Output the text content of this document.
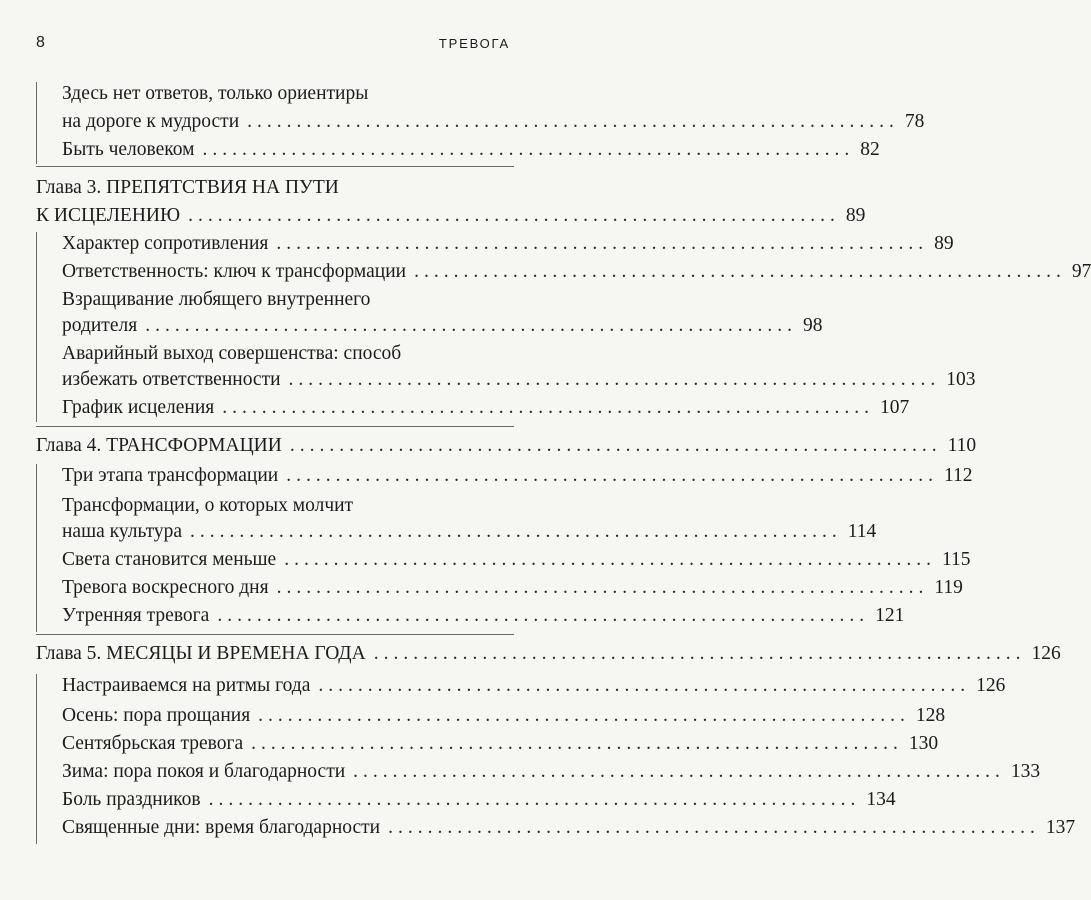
8	ТРЕВОГА
Здесь нет ответов, только ориентиры
на дороге к мудрости .................................................................. 78
Быть человеком .................................................................. 82
Глава 3. ПРЕПЯТСТВИЯ НА ПУТИ
К ИСЦЕЛЕНИЮ .................................................................. 89
Характер сопротивления .................................................................. 89
Ответственность: ключ к трансформации .................................................................. 97
Взращивание любящего внутреннего
родителя .................................................................. 98
Аварийный выход совершенства: способ
избежать ответственности .................................................................. 103
График исцеления .................................................................. 107
Глава 4. ТРАНСФОРМАЦИИ .................................................................. 110
Три этапа трансформации .................................................................. 112
Трансформации, о которых молчит
наша культура .................................................................. 114
Света становится меньше .................................................................. 115
Тревога воскресного дня .................................................................. 119
Утренняя тревога .................................................................. 121
Глава 5. МЕСЯЦЫ И ВРЕМЕНА ГОДА .................................................................. 126
Настраиваемся на ритмы года .................................................................. 126
Осень: пора прощания .................................................................. 128
Сентябрьская тревога .................................................................. 130
Зима: пора покоя и благодарности .................................................................. 133
Боль праздников .................................................................. 134
Священные дни: время благодарности .................................................................. 137
